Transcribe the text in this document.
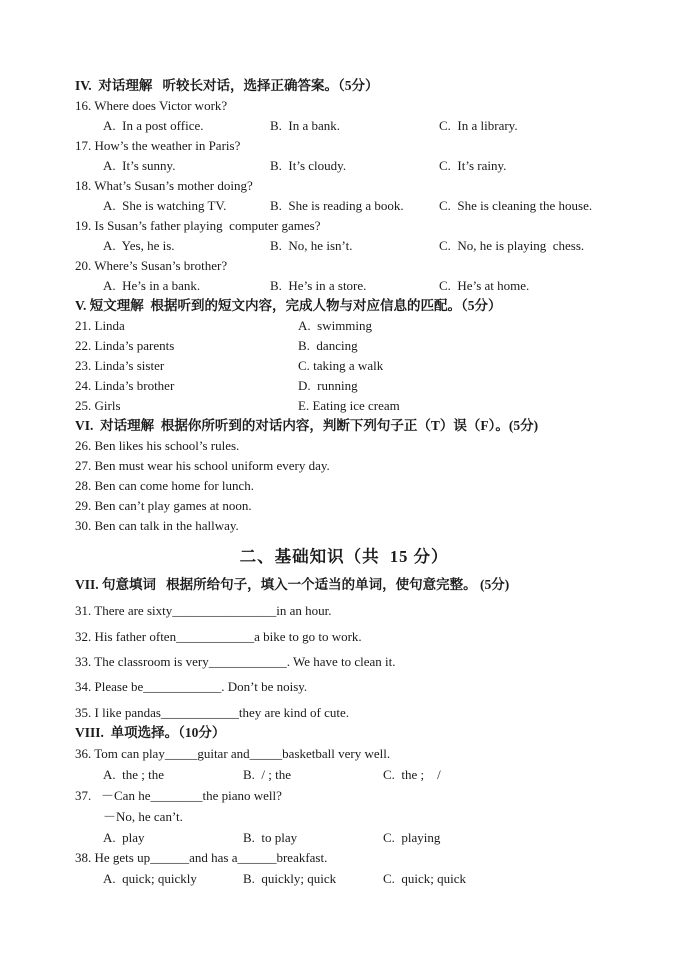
IV.  对话理解   听较长对话，选择正确答案。（5分）
16. Where does Victor work?
A.  In a post office.	B.  In a bank.	C.  In a library.
17. How’s the weather in Paris?
A.  It’s sunny.	B.  It’s cloudy.	C.  It’s rainy.
18. What’s Susan’s mother doing?
A.  She is watching TV.	B.  She is reading a book.	C.  She is cleaning the house.
19. Is Susan’s father playing  computer games?
A.  Yes, he is.	B.  No, he isn’t.	C.  No, he is playing  chess.
20. Where’s Susan’s brother?
A.  He’s in a bank.	B.  He’s in a store.	C.  He’s at home.
V. 短文理解  根据听到的短文内容，完成人物与对应信息的匹配。（5分）
21. Linda	A.  swimming
22. Linda’s parents	B.  dancing
23. Linda’s sister	C. taking a walk
24. Linda’s brother	D.  running
25. Girls	E. Eating ice cream
VI.  对话理解  根据你所听到的对话内容，判断下列句子正（T）误（F）。(5分)
26. Ben likes his school’s rules.
27. Ben must wear his school uniform every day.
28. Ben can come home for lunch.
29. Ben can’t play games at noon.
30. Ben can talk in the hallway.
二、基础知识（共  15 分）
VII. 句意填词   根据所给句子，填入一个适当的单词，使句意完整。 (5分)
31. There are sixty________________in an hour.
32. His father often____________a bike to go to work.
33. The classroom is very____________. We have to clean it.
34. Please be____________. Don’t be noisy.
35. I like pandas____________they are kind of cute.
VIII.  单项选择。（10分）
36. Tom can play_____guitar and_____basketball very well.
A.  the ; the	B.  / ; the	C.  the ;    /
37.   －Can he________the piano well?
－No, he can’t.
A.  play	B.  to play	C.  playing
38. He gets up______and has a______breakfast.
A.  quick; quickly	B.  quickly; quick	C.  quick; quick
